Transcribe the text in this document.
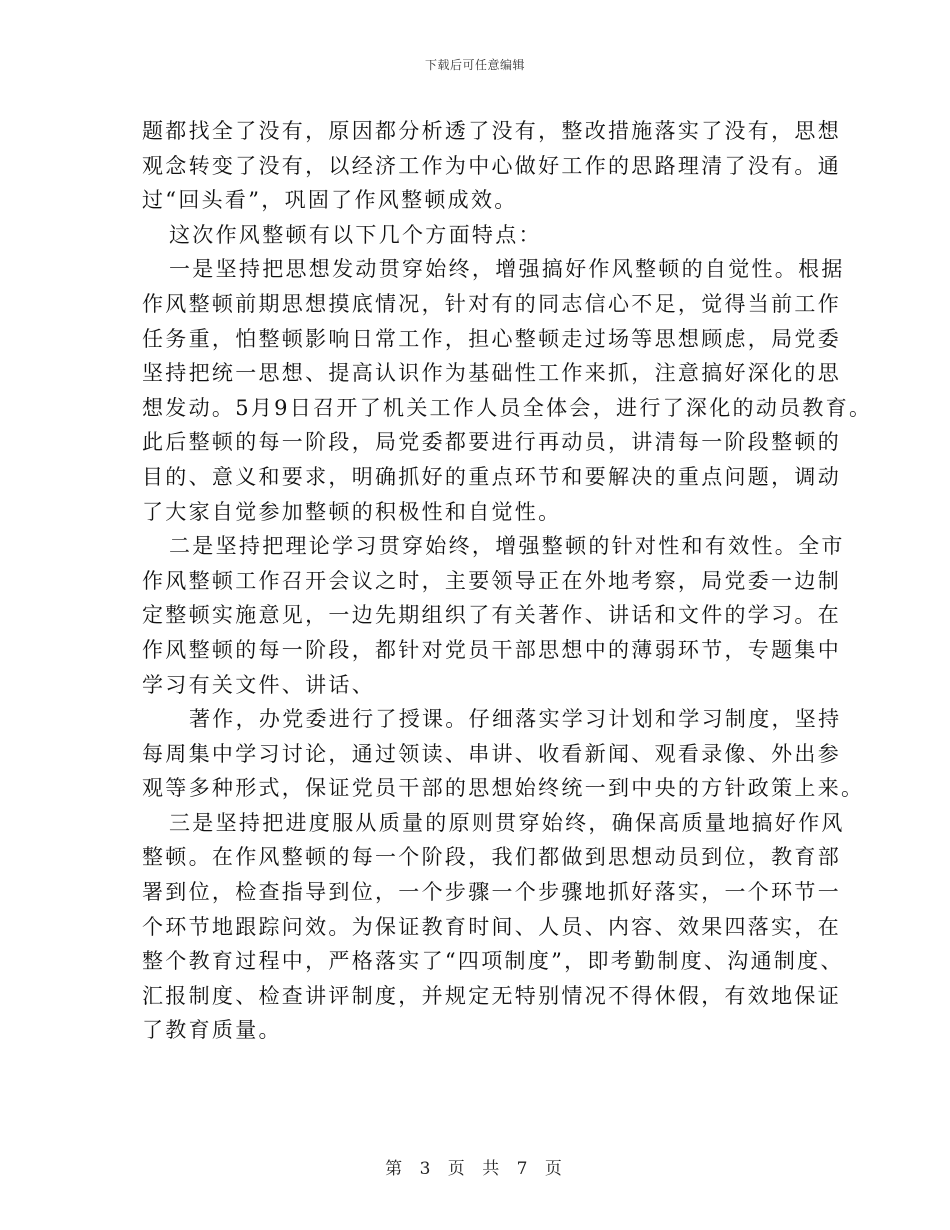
下载后可任意编辑
题都找全了没有，原因都分析透了没有，整改措施落实了没有，思想
观念转变了没有，以经济工作为中心做好工作的思路理清了没有。通
过“回头看”，巩固了作风整顿成效。
这次作风整顿有以下几个方面特点：
一是坚持把思想发动贯穿始终，增强搞好作风整顿的自觉性。根据
作风整顿前期思想摸底情况，针对有的同志信心不足，觉得当前工作
任务重，怕整顿影响日常工作，担心整顿走过场等思想顾虑，局党委
坚持把统一思想、提高认识作为基础性工作来抓，注意搞好深化的思
想发动。5月9日召开了机关工作人员全体会，进行了深化的动员教育。
此后整顿的每一阶段，局党委都要进行再动员，讲清每一阶段整顿的
目的、意义和要求，明确抓好的重点环节和要解决的重点问题，调动
了大家自觉参加整顿的积极性和自觉性。
二是坚持把理论学习贯穿始终，增强整顿的针对性和有效性。全市
作风整顿工作召开会议之时，主要领导正在外地考察，局党委一边制
定整顿实施意见，一边先期组织了有关著作、讲话和文件的学习。在
作风整顿的每一阶段，都针对党员干部思想中的薄弱环节，专题集中
学习有关文件、讲话、
著作，办党委进行了授课。仔细落实学习计划和学习制度，坚持
每周集中学习讨论，通过领读、串讲、收看新闻、观看录像、外出参
观等多种形式，保证党员干部的思想始终统一到中央的方针政策上来。
三是坚持把进度服从质量的原则贯穿始终，确保高质量地搞好作风
整顿。在作风整顿的每一个阶段，我们都做到思想动员到位，教育部
署到位，检查指导到位，一个步骤一个步骤地抓好落实，一个环节一
个环节地跟踪问效。为保证教育时间、人员、内容、效果四落实，在
整个教育过程中，严格落实了“四项制度”，即考勤制度、沟通制度、
汇报制度、检查讲评制度，并规定无特别情况不得休假，有效地保证
了教育质量。
第 3 页 共 7 页
